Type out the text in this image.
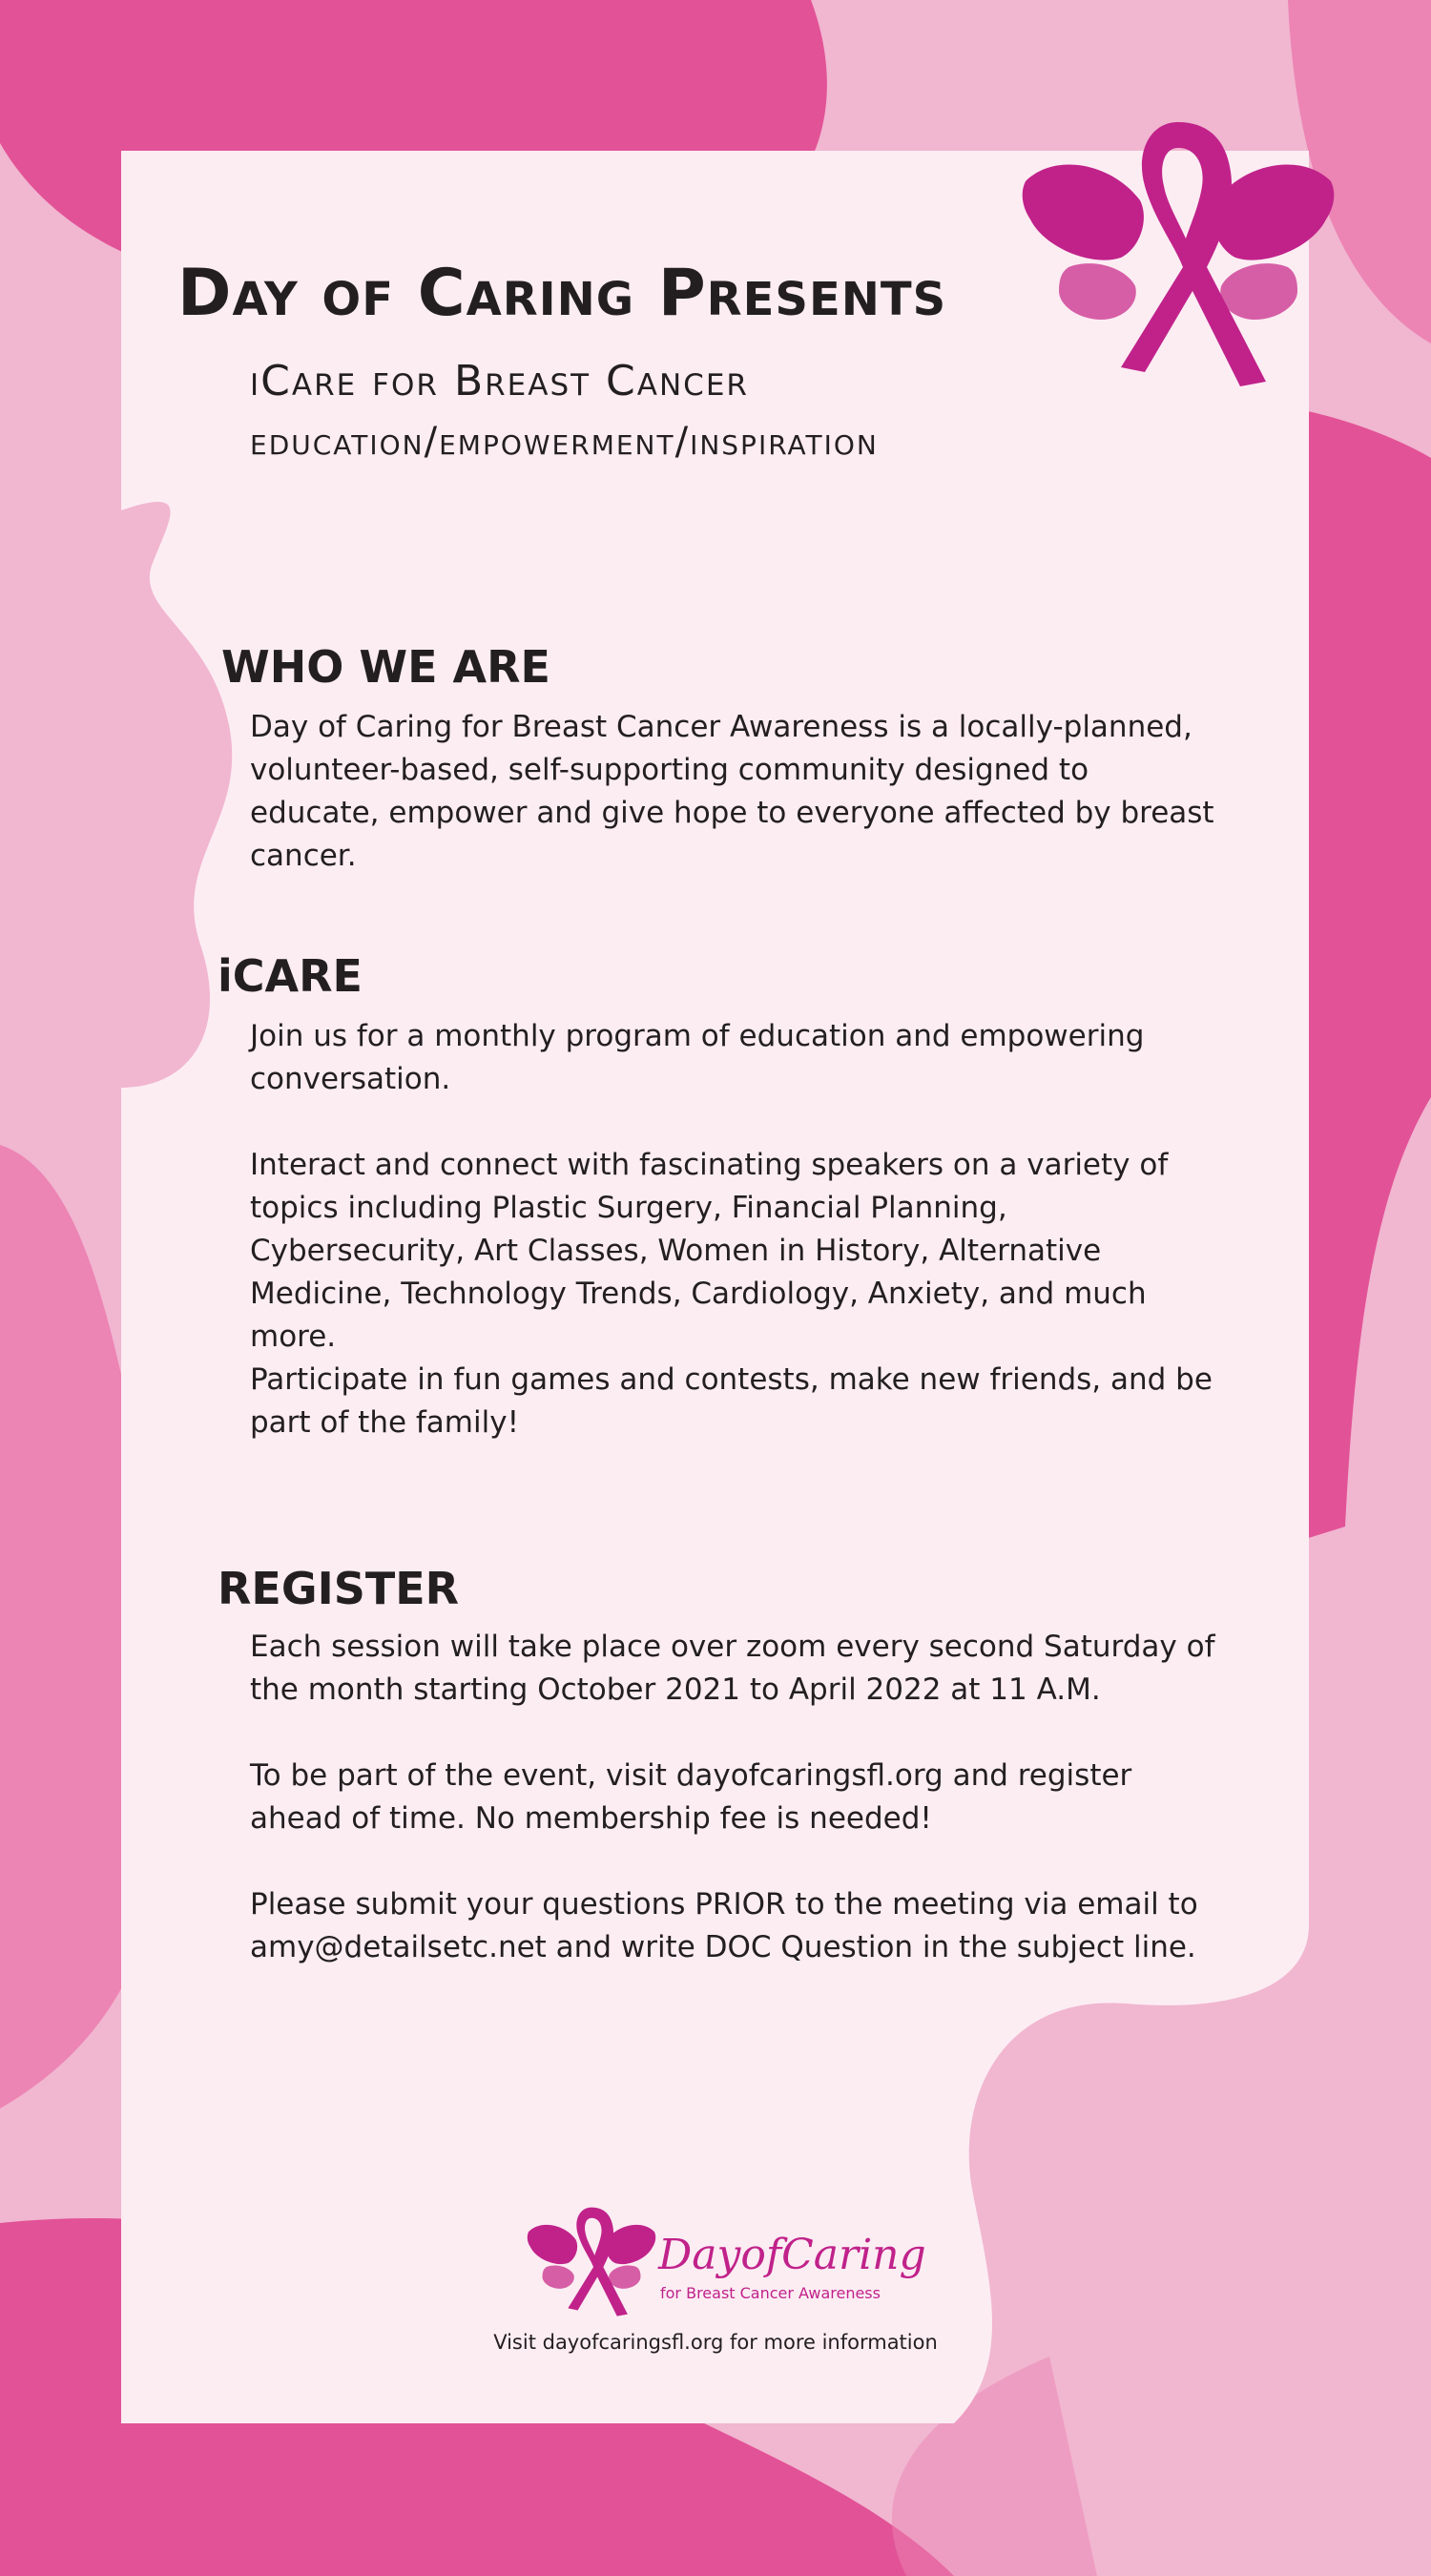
Day of Caring Presents
iCare for Breast Cancer
education/empowerment/inspiration
WHO WE ARE

Day of Caring for Breast Cancer Awareness is a locally-planned, volunteer-based, self-supporting community designed to educate, empower and give hope to everyone affected by breast cancer.

iCARE

Join us for a monthly program of education and empowering conversation.

Interact and connect with fascinating speakers on a variety of topics including Plastic Surgery, Financial Planning, Cybersecurity, Art Classes, Women in History, Alternative Medicine, Technology Trends, Cardiology, Anxiety, and much more.

Participate in fun games and contests, make new friends, and be part of the family!

REGISTER

Each session will take place over zoom every second Saturday of the month starting October 2021 to April 2022 at 11 A.M.

To be part of the event, visit dayofcaringsfl.org and register ahead of time. No membership fee is needed!

Please submit your questions PRIOR to the meeting via email to amy@detailsetc.net and write DOC Question in the subject line.

DayofCaring

for Breast Cancer Awareness

Visit dayofcaringsfl.org for more information
